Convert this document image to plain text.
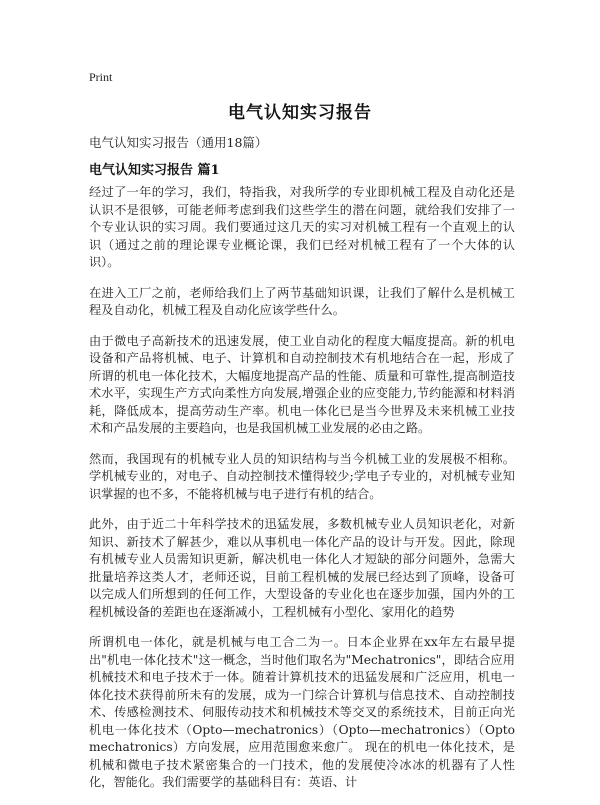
Print
电气认知实习报告
电气认知实习报告（通用18篇）
电气认知实习报告 篇1

经过了一年的学习，我们，特指我，对我所学的专业即机械工程及自动化还是认识不是很够，可能老师考虑到我们这些学生的潜在问题，就给我们安排了一个专业认识的实习周。我们要通过这几天的实习对机械工程有一个直观上的认识（通过之前的理论课专业概论课，我们已经对机械工程有了一个大体的认识）。

在进入工厂之前，老师给我们上了两节基础知识课，让我们了解什么是机械工程及自动化，机械工程及自动化应该学些什么。

由于微电子高新技术的迅速发展，使工业自动化的程度大幅度提高。新的机电设备和产品将机械、电子、计算机和自动控制技术有机地结合在一起，形成了所谓的机电一体化技术，大幅度地提高产品的性能、质量和可靠性,提高制造技术水平，实现生产方式向柔性方向发展,增强企业的应变能力,节约能源和材料消耗，降低成本，提高劳动生产率。机电一体化已是当今世界及未来机械工业技术和产品发展的主要趋向，也是我国机械工业发展的必由之路。

然而，我国现有的机械专业人员的知识结构与当今机械工业的发展极不相称。学机械专业的，对电子、自动控制技术懂得较少;学电子专业的，对机械专业知识掌握的也不多，不能将机械与电子进行有机的结合。

此外，由于近二十年科学技术的迅猛发展，多数机械专业人员知识老化，对新知识、新技术了解甚少，难以从事机电一体化产品的设计与开发。因此，除现有机械专业人员需知识更新，解决机电一体化人才短缺的部分问题外，急需大批量培养这类人才，老师还说，目前工程机械的发展已经达到了顶峰，设备可以完成人们所想到的任何工作，大型设备的专业化也在逐步加强，国内外的工程机械设备的差距也在逐渐减小，工程机械有小型化、家用化的趋势

所谓机电一体化，就是机械与电工合二为一。日本企业界在xx年左右最早提出"机电一体化技术"这一概念，当时他们取名为"Mechatronics"，即结合应用机械技术和电子技术于一体。随着计算机技术的迅猛发展和广泛应用，机电一体化技术获得前所未有的发展，成为一门综合计算机与信息技术、自动控制技术、传感检测技术、伺服传动技术和机械技术等交叉的系统技术，目前正向光机电一体化技术（Opto—mechatronics）（Opto—mechatronics）（Optomechatronics）方向发展，应用范围愈来愈广。 现在的机电一体化技术，是机械和微电子技术紧密集合的一门技术，他的发展使冷冰冰的机器有了人性化，智能化。我们需要学的基础科目有：英语、计
